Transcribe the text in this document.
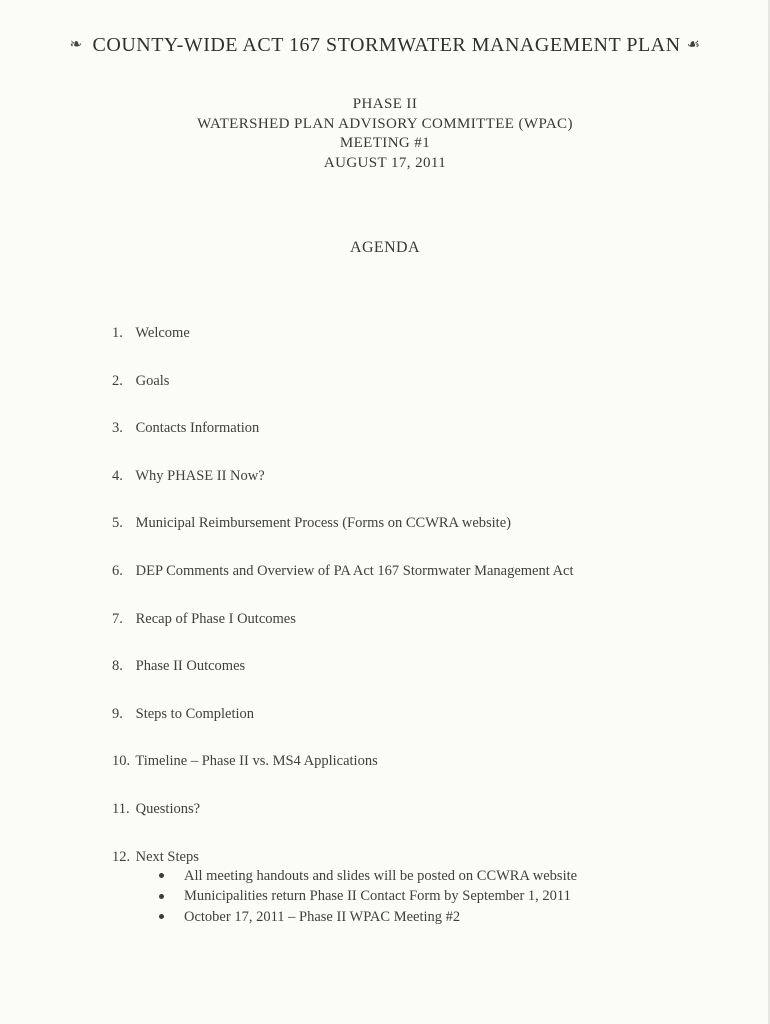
❧ COUNTY-WIDE ACT 167 STORMWATER MANAGEMENT PLAN ☙
PHASE II
WATERSHED PLAN ADVISORY COMMITTEE (WPAC)
MEETING #1
AUGUST 17, 2011
AGENDA
1. Welcome
2. Goals
3. Contacts Information
4. Why PHASE II Now?
5. Municipal Reimbursement Process (Forms on CCWRA website)
6. DEP Comments and Overview of PA Act 167 Stormwater Management Act
7. Recap of Phase I Outcomes
8. Phase II Outcomes
9. Steps to Completion
10. Timeline – Phase II vs. MS4 Applications
11. Questions?
12. Next Steps
All meeting handouts and slides will be posted on CCWRA website
Municipalities return Phase II Contact Form by September 1, 2011
October 17, 2011 – Phase II WPAC Meeting #2
